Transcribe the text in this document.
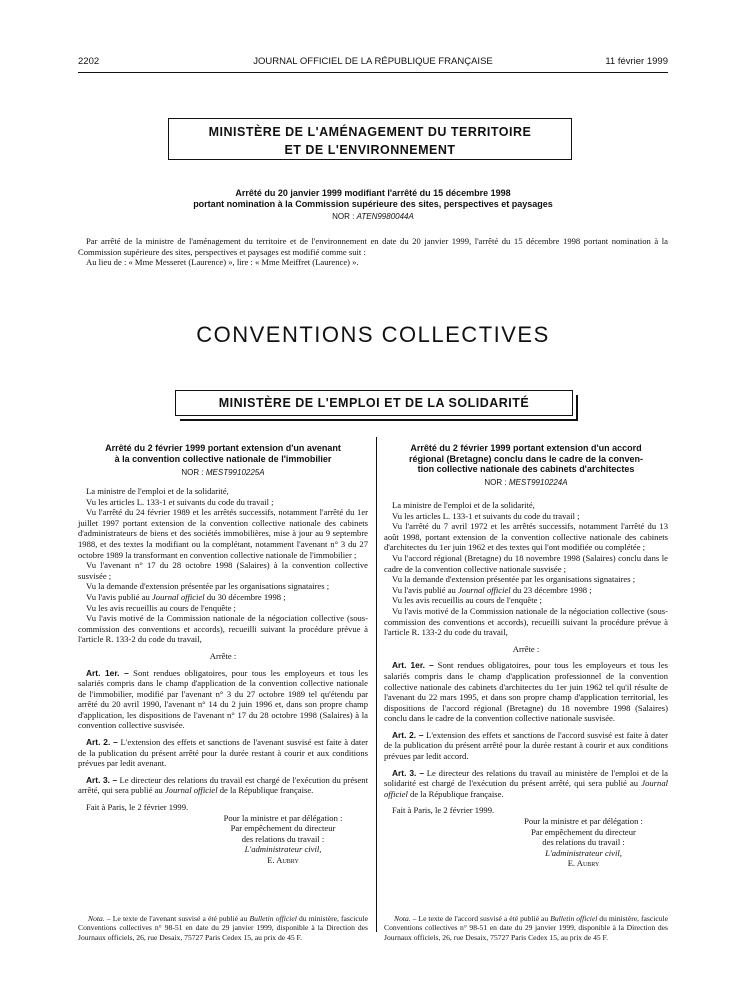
2202	JOURNAL OFFICIEL DE LA RÉPUBLIQUE FRANÇAISE	11 février 1999
MINISTÈRE DE L'AMÉNAGEMENT DU TERRITOIRE
ET DE L'ENVIRONNEMENT
Arrêté du 20 janvier 1999 modifiant l'arrêté du 15 décembre 1998
portant nomination à la Commission supérieure des sites, perspectives et paysages
NOR : ATEN9980044A

Par arrêté de la ministre de l'aménagement du territoire et de l'environnement en date du 20 janvier 1999, l'arrêté du 15 décembre 1998 portant nomination à la Commission supérieure des sites, perspectives et paysages est modifié comme suit :

Au lieu de : « Mme Messeret (Laurence) », lire : « Mme Meiffret (Laurence) ».

CONVENTIONS COLLECTIVES
MINISTÈRE DE L'EMPLOI ET DE LA SOLIDARITÉ
Arrêté du 2 février 1999 portant extension d'un avenant
à la convention collective nationale de l'immobilier
NOR : MEST9910225A

La ministre de l'emploi et de la solidarité,

Vu les articles L. 133-1 et suivants du code du travail ;

Vu l'arrêté du 24 février 1989 et les arrêtés successifs, notamment l'arrêté du 1er juillet 1997 portant extension de la convention collective nationale des cabinets d'administrateurs de biens et des sociétés immobilières, mise à jour au 9 septembre 1988, et des textes la modifiant ou la complétant, notamment l'avenant n° 3 du 27 octobre 1989 la transformant en convention collective nationale de l'immobilier ;

Vu l'avenant n° 17 du 28 octobre 1998 (Salaires) à la convention collective susvisée ;

Vu la demande d'extension présentée par les organisations signataires ;

Vu l'avis publié au Journal officiel du 30 décembre 1998 ;

Vu les avis recueillis au cours de l'enquête ;

Vu l'avis motivé de la Commission nationale de la négociation collective (sous-commission des conventions et accords), recueilli suivant la procédure prévue à l'article R. 133-2 du code du travail,

Arrête :

Art. 1er. – Sont rendues obligatoires, pour tous les employeurs et tous les salariés compris dans le champ d'application de la convention collective nationale de l'immobilier, modifié par l'avenant n° 3 du 27 octobre 1989 tel qu'étendu par arrêté du 20 avril 1990, l'avenant n° 14 du 2 juin 1996 et, dans son propre champ d'application, les dispositions de l'avenant n° 17 du 28 octobre 1998 (Salaires) à la convention collective susvisée.

Art. 2. – L'extension des effets et sanctions de l'avenant susvisé est faite à dater de la publication du présent arrêté pour la durée restant à courir et aux conditions prévues par ledit avenant.

Art. 3. – Le directeur des relations du travail est chargé de l'exécution du présent arrêté, qui sera publié au Journal officiel de la République française.

Fait à Paris, le 2 février 1999.

Pour la ministre et par délégation :
Par empêchement du directeur
des relations du travail :
L'administrateur civil,
E. Aubry

Nota. – Le texte de l'avenant susvisé a été publié au Bulletin officiel du ministère, fascicule Conventions collectives n° 98-51 en date du 29 janvier 1999, disponible à la Direction des Journaux officiels, 26, rue Desaix, 75727 Paris Cedex 15, au prix de 45 F.

Arrêté du 2 février 1999 portant extension d'un accord
régional (Bretagne) conclu dans le cadre de la conven-
tion collective nationale des cabinets d'architectes
NOR : MEST9910224A

La ministre de l'emploi et de la solidarité,

Vu les articles L. 133-1 et suivants du code du travail ;

Vu l'arrêté du 7 avril 1972 et les arrêtés successifs, notamment l'arrêté du 13 août 1998, portant extension de la convention collective nationale des cabinets d'architectes du 1er juin 1962 et des textes qui l'ont modifiée ou complétée ;

Vu l'accord régional (Bretagne) du 18 novembre 1998 (Salaires) conclu dans le cadre de la convention collective nationale susvisée ;

Vu la demande d'extension présentée par les organisations signataires ;

Vu l'avis publié au Journal officiel du 23 décembre 1998 ;

Vu les avis recueillis au cours de l'enquête ;

Vu l'avis motivé de la Commission nationale de la négociation collective (sous-commission des conventions et accords), recueilli suivant la procédure prévue à l'article R. 133-2 du code du travail,

Arrête :

Art. 1er. – Sont rendues obligatoires, pour tous les employeurs et tous les salariés compris dans le champ d'application professionnel de la convention collective nationale des cabinets d'architectes du 1er juin 1962 tel qu'il résulte de l'avenant du 22 mars 1995, et dans son propre champ d'application territorial, les dispositions de l'accord régional (Bretagne) du 18 novembre 1998 (Salaires) conclu dans le cadre de la convention collective nationale susvisée.

Art. 2. – L'extension des effets et sanctions de l'accord susvisé est faite à dater de la publication du présent arrêté pour la durée restant à courir et aux conditions prévues par ledit accord.

Art. 3. – Le directeur des relations du travail au ministère de l'emploi et de la solidarité est chargé de l'exécution du présent arrêté, qui sera publié au Journal officiel de la République française.

Fait à Paris, le 2 février 1999.

Pour la ministre et par délégation :
Par empêchement du directeur
des relations du travail :
L'administrateur civil,
E. Aubry

Nota. – Le texte de l'accord susvisé a été publié au Bulletin officiel du ministère, fascicule Conventions collectives n° 98-51 en date du 29 janvier 1999, disponible à la Direction des Journaux officiels, 26, rue Desaix, 75727 Paris Cedex 15, au prix de 45 F.
